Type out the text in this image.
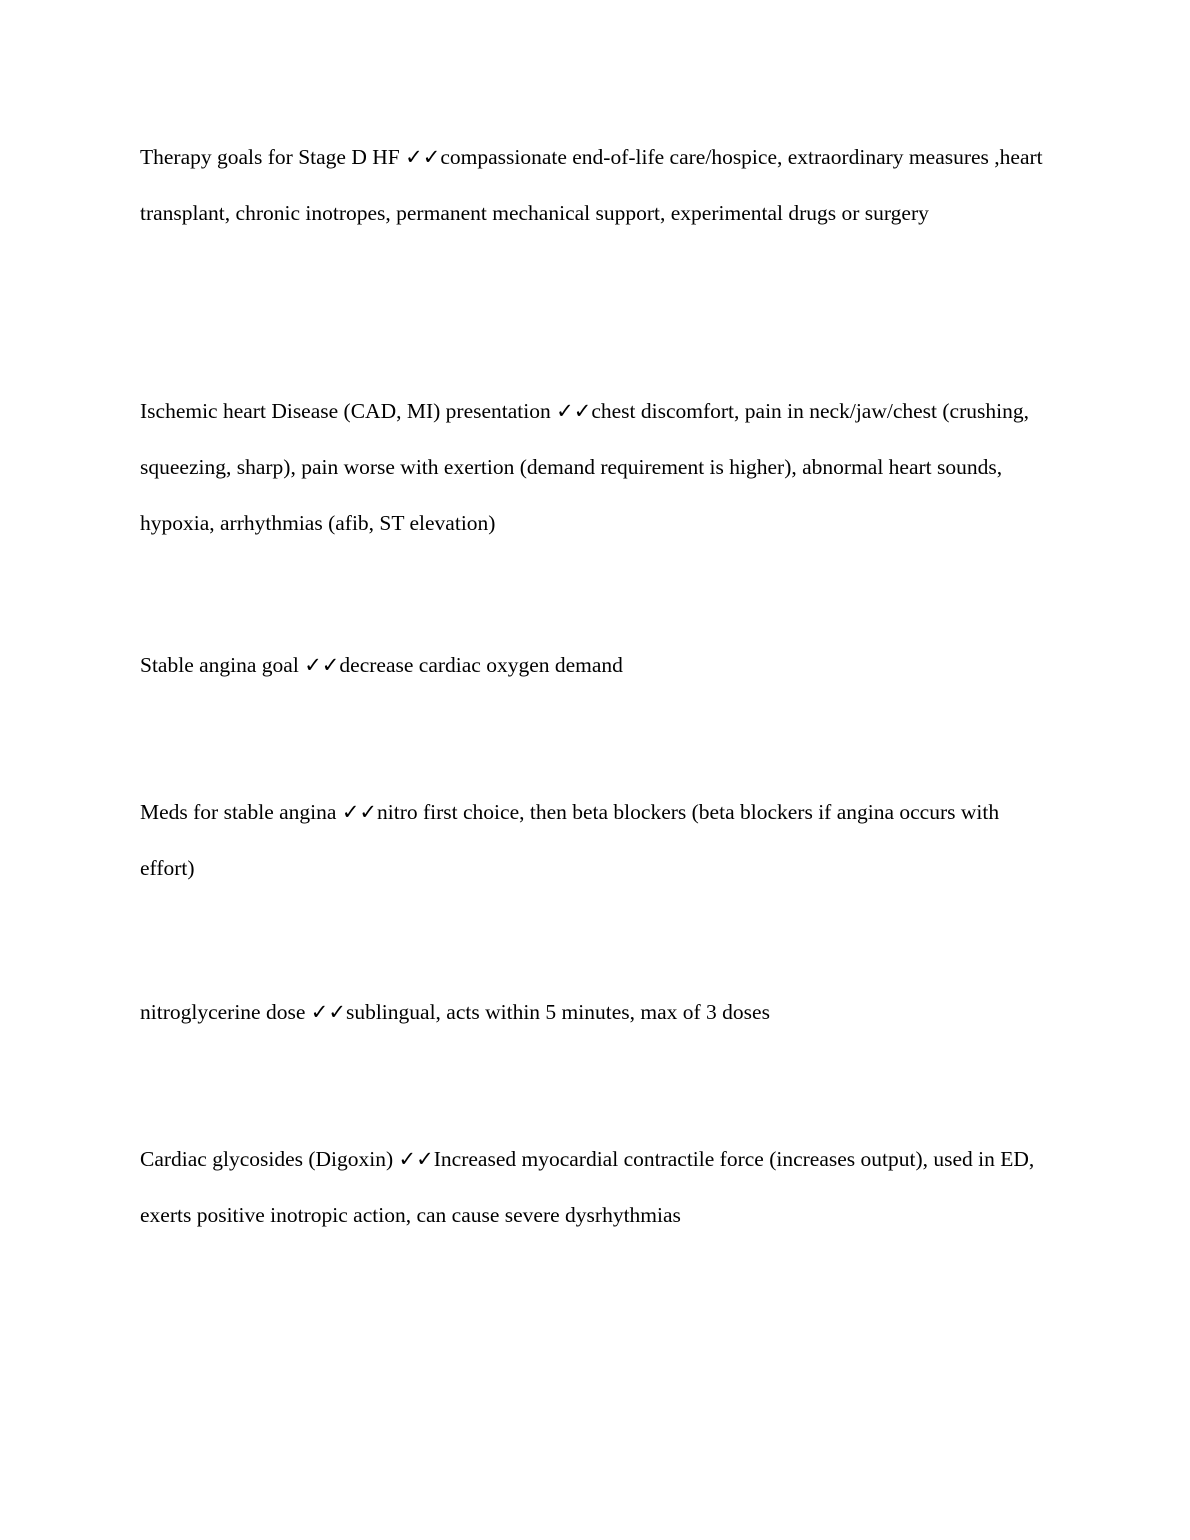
Therapy goals for Stage D HF ✓✓compassionate end-of-life care/hospice, extraordinary measures ,heart transplant, chronic inotropes, permanent mechanical support, experimental drugs or surgery

Ischemic heart Disease (CAD, MI) presentation ✓✓chest discomfort, pain in neck/jaw/chest (crushing, squeezing, sharp), pain worse with exertion (demand requirement is higher), abnormal heart sounds, hypoxia, arrhythmias (afib, ST elevation)

Stable angina goal ✓✓decrease cardiac oxygen demand

Meds for stable angina ✓✓nitro first choice, then beta blockers (beta blockers if angina occurs with effort)

nitroglycerine dose ✓✓sublingual, acts within 5 minutes, max of 3 doses

Cardiac glycosides (Digoxin) ✓✓Increased myocardial contractile force (increases output), used in ED, exerts positive inotropic action, can cause severe dysrhythmias
